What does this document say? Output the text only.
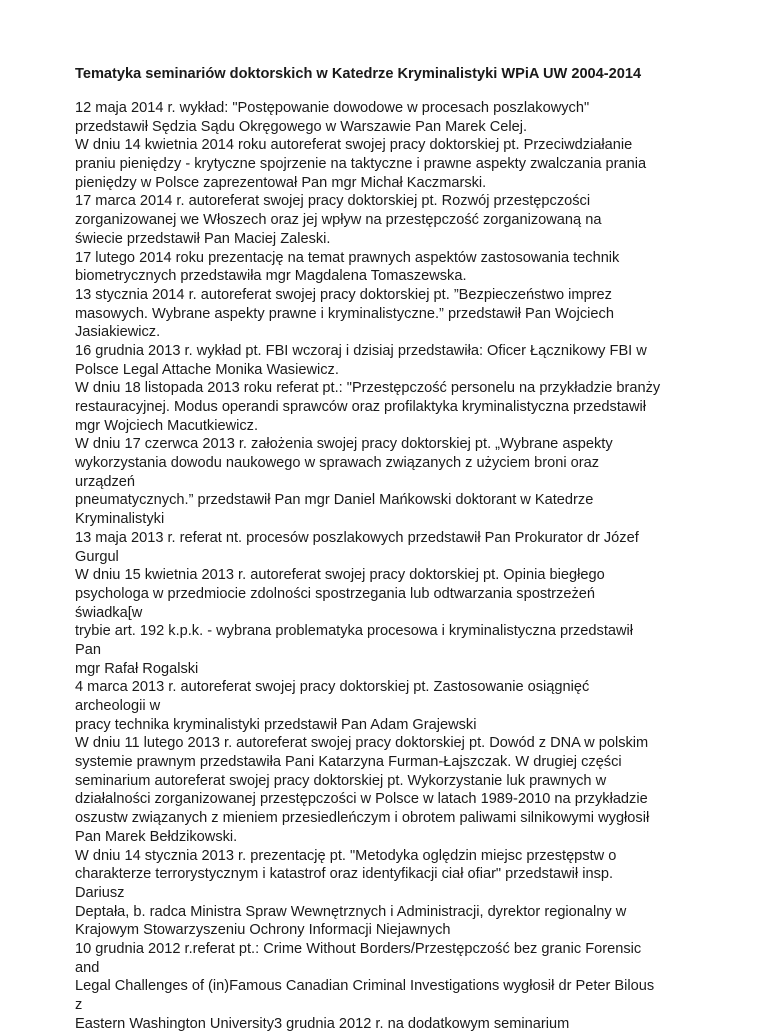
Tematyka seminariów doktorskich w Katedrze Kryminalistyki WPiA UW 2004-2014
12 maja 2014 r. wykład: "Postępowanie dowodowe w procesach poszlakowych"
przedstawił Sędzia Sądu Okręgowego w Warszawie Pan Marek Celej.
W dniu 14 kwietnia 2014 roku autoreferat swojej pracy doktorskiej pt. Przeciwdziałanie
praniu pieniędzy - krytyczne spojrzenie na taktyczne i prawne aspekty zwalczania prania
pieniędzy w Polsce zaprezentował Pan mgr Michał Kaczmarski.
17 marca 2014 r. autoreferat swojej pracy doktorskiej pt. Rozwój przestępczości
zorganizowanej we Włoszech oraz jej wpływ na przestępczość zorganizowaną na
świecie przedstawił Pan Maciej Zaleski.
17 lutego 2014 roku prezentację na temat prawnych aspektów zastosowania technik
biometrycznych przedstawiła mgr Magdalena Tomaszewska.
13 stycznia 2014 r. autoreferat swojej pracy doktorskiej pt. ”Bezpieczeństwo imprez
masowych. Wybrane aspekty prawne i kryminalistyczne.” przedstawił Pan Wojciech
Jasiakiewicz.
16 grudnia 2013 r. wykład pt. FBI wczoraj i dzisiaj przedstawiła: Oficer Łącznikowy FBI w
Polsce Legal Attache Monika Wasiewicz.
W dniu 18 listopada 2013 roku referat pt.: "Przestępczość personelu na przykładzie branży
restauracyjnej. Modus operandi sprawców oraz profilaktyka kryminalistyczna przedstawił
mgr Wojciech Macutkiewicz.
W dniu 17 czerwca 2013 r. założenia swojej pracy doktorskiej pt. „Wybrane aspekty
wykorzystania dowodu naukowego w sprawach związanych z użyciem broni oraz
urządzeń
pneumatycznych.” przedstawił Pan mgr Daniel Mańkowski doktorant w Katedrze
Kryminalistyki
13 maja 2013 r. referat nt. procesów poszlakowych przedstawił Pan Prokurator dr Józef
Gurgul
W dniu 15 kwietnia 2013 r. autoreferat swojej pracy doktorskiej pt. Opinia biegłego
psychologa w przedmiocie zdolności spostrzegania lub odtwarzania spostrzeżeń
świadka[w
trybie art. 192 k.p.k. - wybrana problematyka procesowa i kryminalistyczna przedstawił
Pan
mgr Rafał Rogalski
4 marca 2013 r. autoreferat swojej pracy doktorskiej pt. Zastosowanie osiągnięć
archeologii w
pracy technika kryminalistyki przedstawił Pan Adam Grajewski
W dniu 11 lutego 2013 r. autoreferat swojej pracy doktorskiej pt. Dowód z DNA w polskim
systemie prawnym przedstawiła Pani Katarzyna Furman-Łajszczak. W drugiej części
seminarium autoreferat swojej pracy doktorskiej pt. Wykorzystanie luk prawnych w
działalności zorganizowanej przestępczości w Polsce w latach 1989-2010 na przykładzie
oszustw związanych z mieniem przesiedleńczym i obrotem paliwami silnikowymi wygłosił
Pan Marek Bełdzikowski.
W dniu 14 stycznia 2013 r. prezentację pt. "Metodyka oględzin miejsc przestępstw o
charakterze terrorystycznym i katastrof oraz identyfikacji ciał ofiar" przedstawił insp.
Dariusz
Deptała, b. radca Ministra Spraw Wewnętrznych i Administracji, dyrektor regionalny w
Krajowym Stowarzyszeniu Ochrony Informacji Niejawnych
10 grudnia 2012 r.referat pt.: Crime Without Borders/Przestępczość bez granic Forensic
and
Legal Challenges of (in)Famous Canadian Criminal Investigations wygłosił dr Peter Bilous
z
Eastern Washington University3 grudnia 2012 r. na dodatkowym seminarium
